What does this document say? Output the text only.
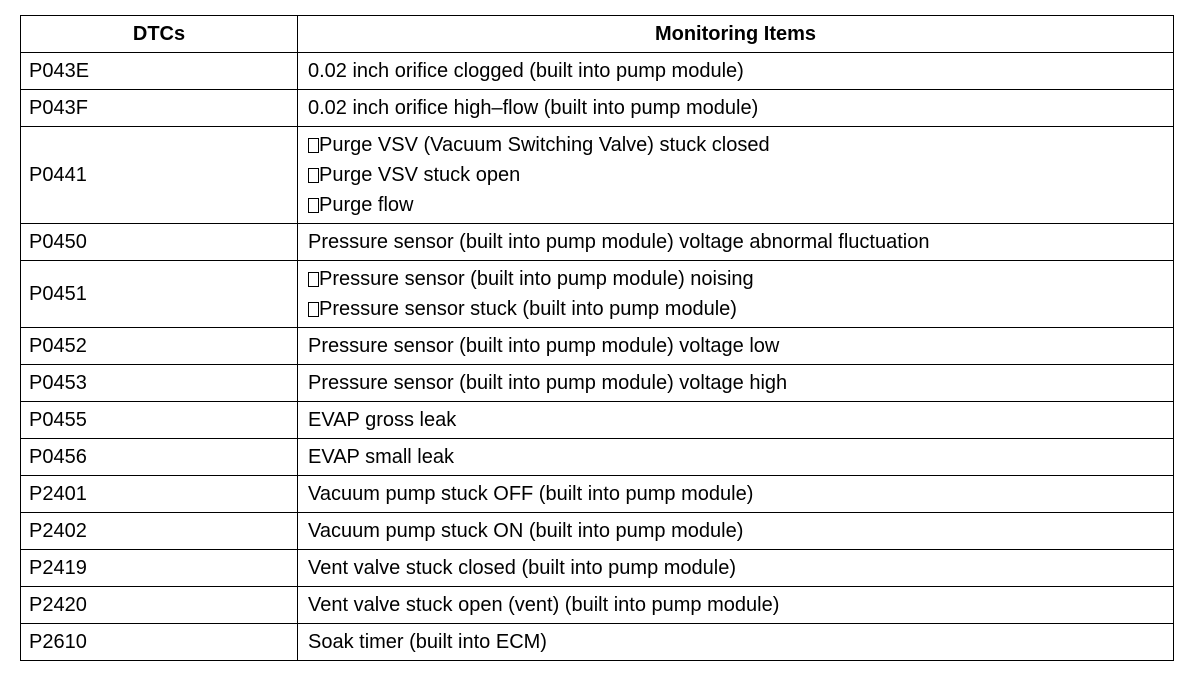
DTCs	Monitoring Items
P043E	0.02 inch orifice clogged (built into pump module)

P043F	0.02 inch orifice high–flow (built into pump module)

P0441	Purge VSV (Vacuum Switching Valve) stuck closed
Purge VSV stuck open
Purge flow

P0450	Pressure sensor (built into pump module) voltage abnormal fluctuation

P0451	Pressure sensor (built into pump module) noising
Pressure sensor stuck (built into pump module)

P0452	Pressure sensor (built into pump module) voltage low

P0453	Pressure sensor (built into pump module) voltage high

P0455	EVAP gross leak

P0456	EVAP small leak

P2401	Vacuum pump stuck OFF (built into pump module)

P2402	Vacuum pump stuck ON (built into pump module)

P2419	Vent valve stuck closed (built into pump module)

P2420	Vent valve stuck open (vent) (built into pump module)

P2610	Soak timer (built into ECM)
